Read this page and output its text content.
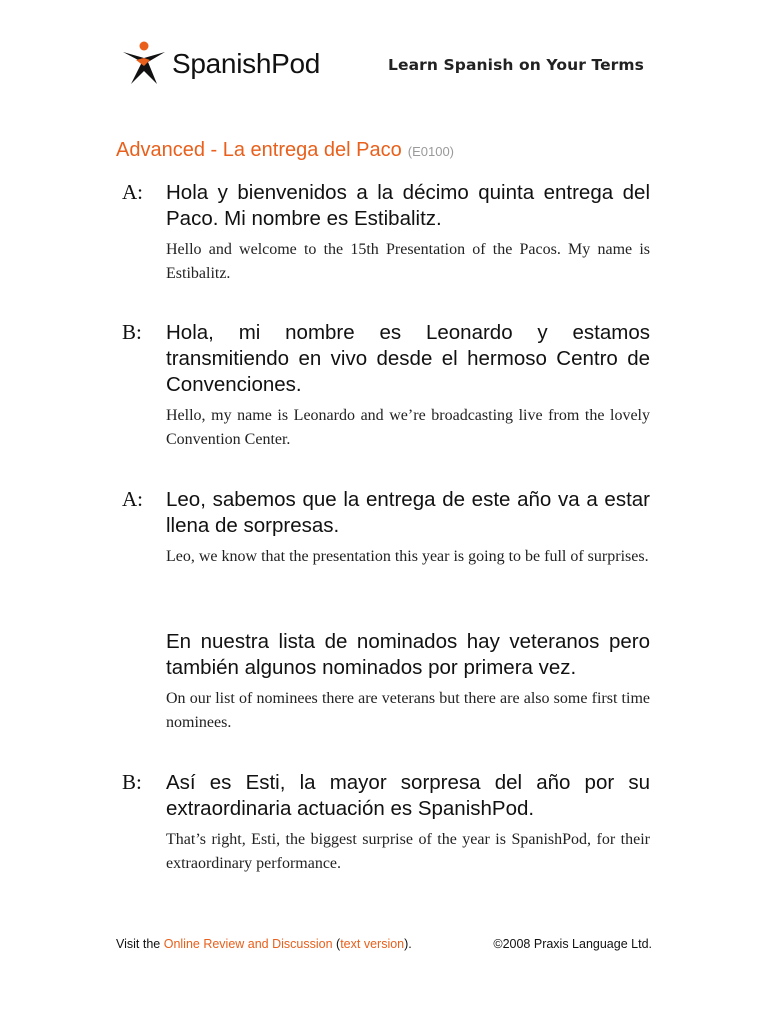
SpanishPod	Learn Spanish on Your Terms
Advanced - La entrega del Paco (E0100)
A: Hola y bienvenidos a la décimo quinta entrega del Paco. Mi nombre es Estibalitz.
Hello and welcome to the 15th Presentation of the Pacos. My name is Estibalitz.
B: Hola, mi nombre es Leonardo y estamos transmitiendo en vivo desde el hermoso Centro de Convenciones.
Hello, my name is Leonardo and we’re broadcasting live from the lovely Convention Center.
A: Leo, sabemos que la entrega de este año va a estar llena de sorpresas.
Leo, we know that the presentation this year is going to be full of surprises.
En nuestra lista de nominados hay veteranos pero también algunos nominados por primera vez.
On our list of nominees there are veterans but there are also some first time nominees.
B: Así es Esti, la mayor sorpresa del año por su extraordinaria actuación es SpanishPod.
That’s right, Esti, the biggest surprise of the year is SpanishPod, for their extraordinary performance.
Visit the Online Review and Discussion (text version).	©2008 Praxis Language Ltd.
